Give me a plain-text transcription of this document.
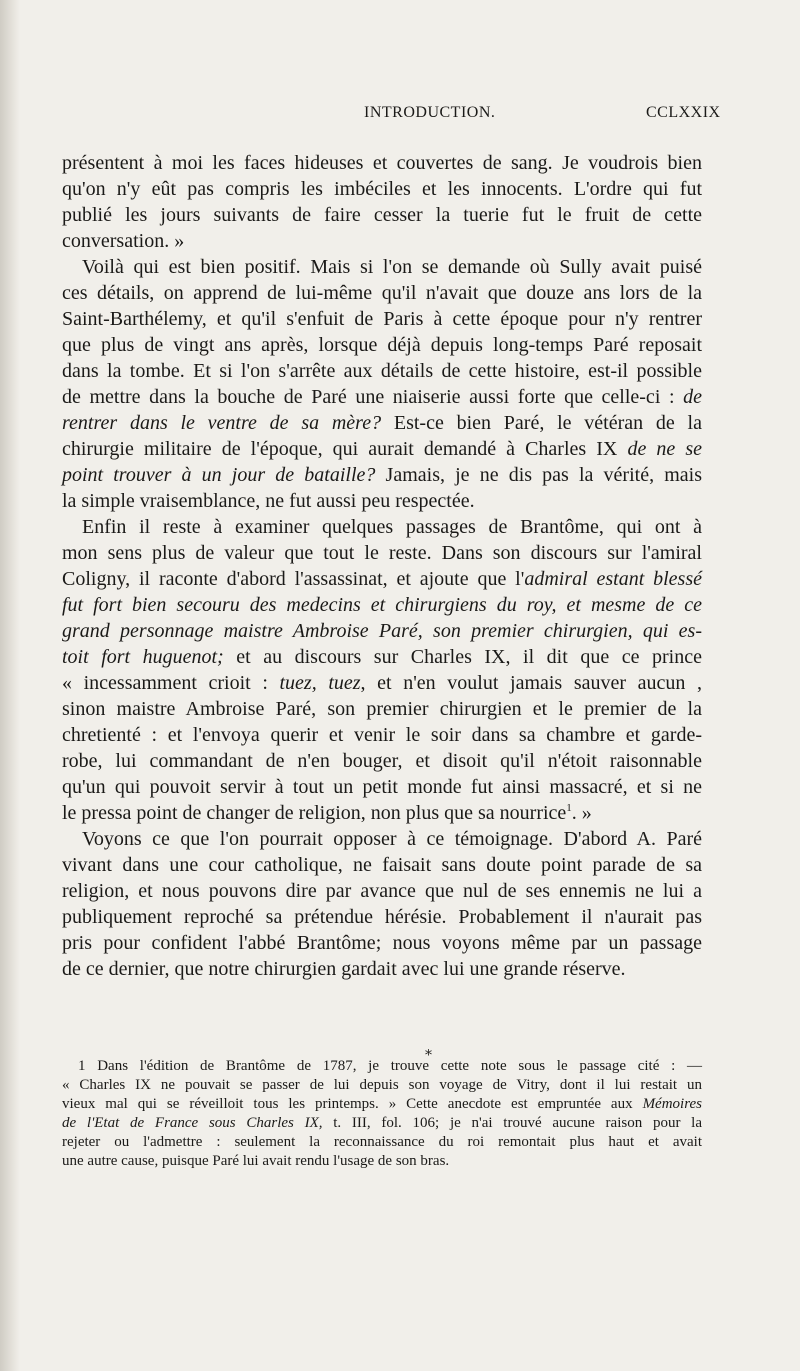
INTRODUCTION.	CCLXXIX
présentent à moi les faces hideuses et couvertes de sang. Je voudrois bien
qu'on n'y eût pas compris les imbéciles et les innocents. L'ordre qui fut
publié les jours suivants de faire cesser la tuerie fut le fruit de cette
conversation. »
Voilà qui est bien positif. Mais si l'on se demande où Sully avait puisé
ces détails, on apprend de lui-même qu'il n'avait que douze ans lors de la
Saint-Barthélemy, et qu'il s'enfuit de Paris à cette époque pour n'y rentrer
que plus de vingt ans après, lorsque déjà depuis long-temps Paré reposait
dans la tombe. Et si l'on s'arrête aux détails de cette histoire, est-il possible
de mettre dans la bouche de Paré une niaiserie aussi forte que celle-ci : de
rentrer dans le ventre de sa mère? Est-ce bien Paré, le vétéran de la
chirurgie militaire de l'époque, qui aurait demandé à Charles IX de ne se
point trouver à un jour de bataille? Jamais, je ne dis pas la vérité, mais
la simple vraisemblance, ne fut aussi peu respectée.
Enfin il reste à examiner quelques passages de Brantôme, qui ont à
mon sens plus de valeur que tout le reste. Dans son discours sur l'amiral
Coligny, il raconte d'abord l'assassinat, et ajoute que l'admiral estant blessé
fut fort bien secouru des medecins et chirurgiens du roy, et mesme de ce
grand personnage maistre Ambroise Paré, son premier chirurgien, qui es-
toit fort huguenot; et au discours sur Charles IX, il dit que ce prince
« incessamment crioit : tuez, tuez, et n'en voulut jamais sauver aucun ,
sinon maistre Ambroise Paré, son premier chirurgien et le premier de la
chretienté : et l'envoya querir et venir le soir dans sa chambre et garde-
robe, lui commandant de n'en bouger, et disoit qu'il n'étoit raisonnable
qu'un qui pouvoit servir à tout un petit monde fut ainsi massacré, et si ne
le pressa point de changer de religion, non plus que sa nourrice$^1$. »
Voyons ce que l'on pourrait opposer à ce témoignage. D'abord A. Paré
vivant dans une cour catholique, ne faisait sans doute point parade de sa
religion, et nous pouvons dire par avance que nul de ses ennemis ne lui a
publiquement reproché sa prétendue hérésie. Probablement il n'aurait pas
pris pour confident l'abbé Brantôme; nous voyons même par un passage
de ce dernier, que notre chirurgien gardait avec lui une grande réserve.
⁎
1 Dans l'édition de Brantôme de 1787, je trouve cette note sous le passage cité : —
« Charles IX ne pouvait se passer de lui depuis son voyage de Vitry, dont il lui restait un
vieux mal qui se réveilloit tous les printemps. » Cette anecdote est empruntée aux Mémoires
de l'Etat de France sous Charles IX, t. III, fol. 106; je n'ai trouvé aucune raison pour la
rejeter ou l'admettre : seulement la reconnaissance du roi remontait plus haut et avait
une autre cause, puisque Paré lui avait rendu l'usage de son bras.
